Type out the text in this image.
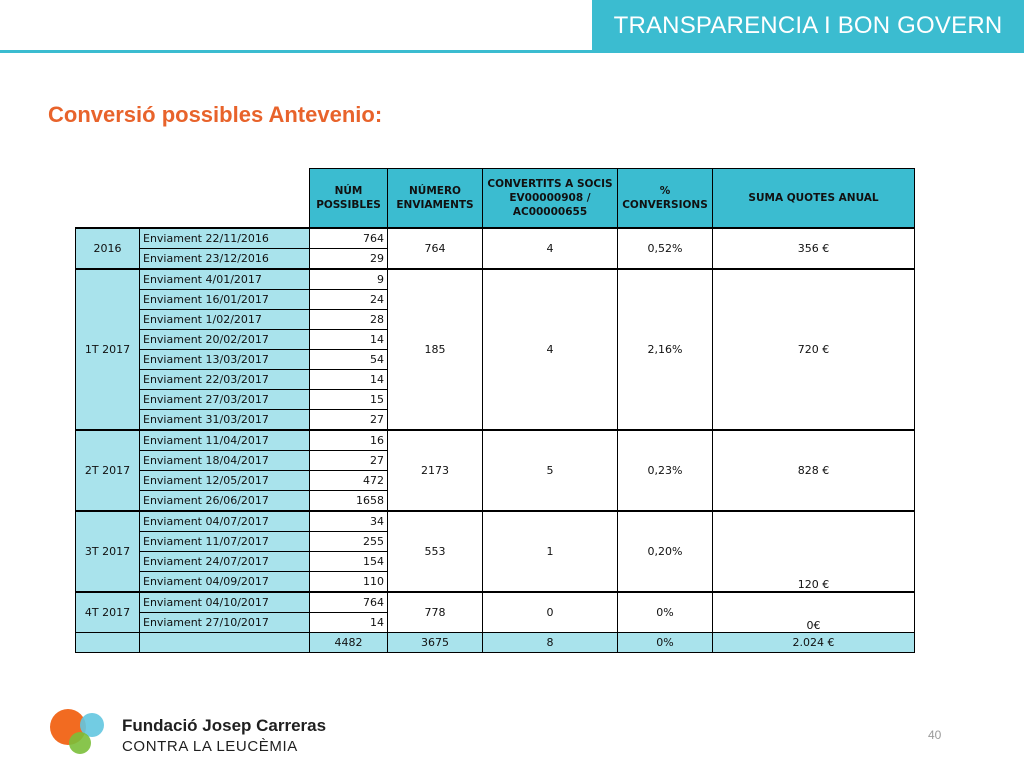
TRANSPARENCIA I BON GOVERN
Conversió possibles Antevenio:
		NÚM POSSIBLES	NÚMERO ENVIAMENTS	CONVERTITS A SOCIS EV00000908 / AC00000655	% CONVERSIONS	SUMA QUOTES ANUAL
2016	Enviament 22/11/2016	764	764	4	0,52%	356 €
	Enviament 23/12/2016	29				
1T 2017	Enviament 4/01/2017	9	185	4	2,16%	720 €
	Enviament 16/01/2017	24				
	Enviament 1/02/2017	28				
	Enviament 20/02/2017	14				
	Enviament 13/03/2017	54				
	Enviament 22/03/2017	14				
	Enviament 27/03/2017	15				
	Enviament 31/03/2017	27				
2T 2017	Enviament 11/04/2017	16	2173	5	0,23%	828 €
	Enviament 18/04/2017	27				
	Enviament 12/05/2017	472				
	Enviament 26/06/2017	1658				
3T 2017	Enviament 04/07/2017	34	553	1	0,20%	120 €
	Enviament 11/07/2017	255				
	Enviament 24/07/2017	154				
	Enviament 04/09/2017	110				
4T 2017	Enviament 04/10/2017	764	778	0	0%	0€
	Enviament 27/10/2017	14				
		4482	3675	8	0%	2.024 €
Fundació Josep Carreras
CONTRA LA LEUCÈMIA
40
